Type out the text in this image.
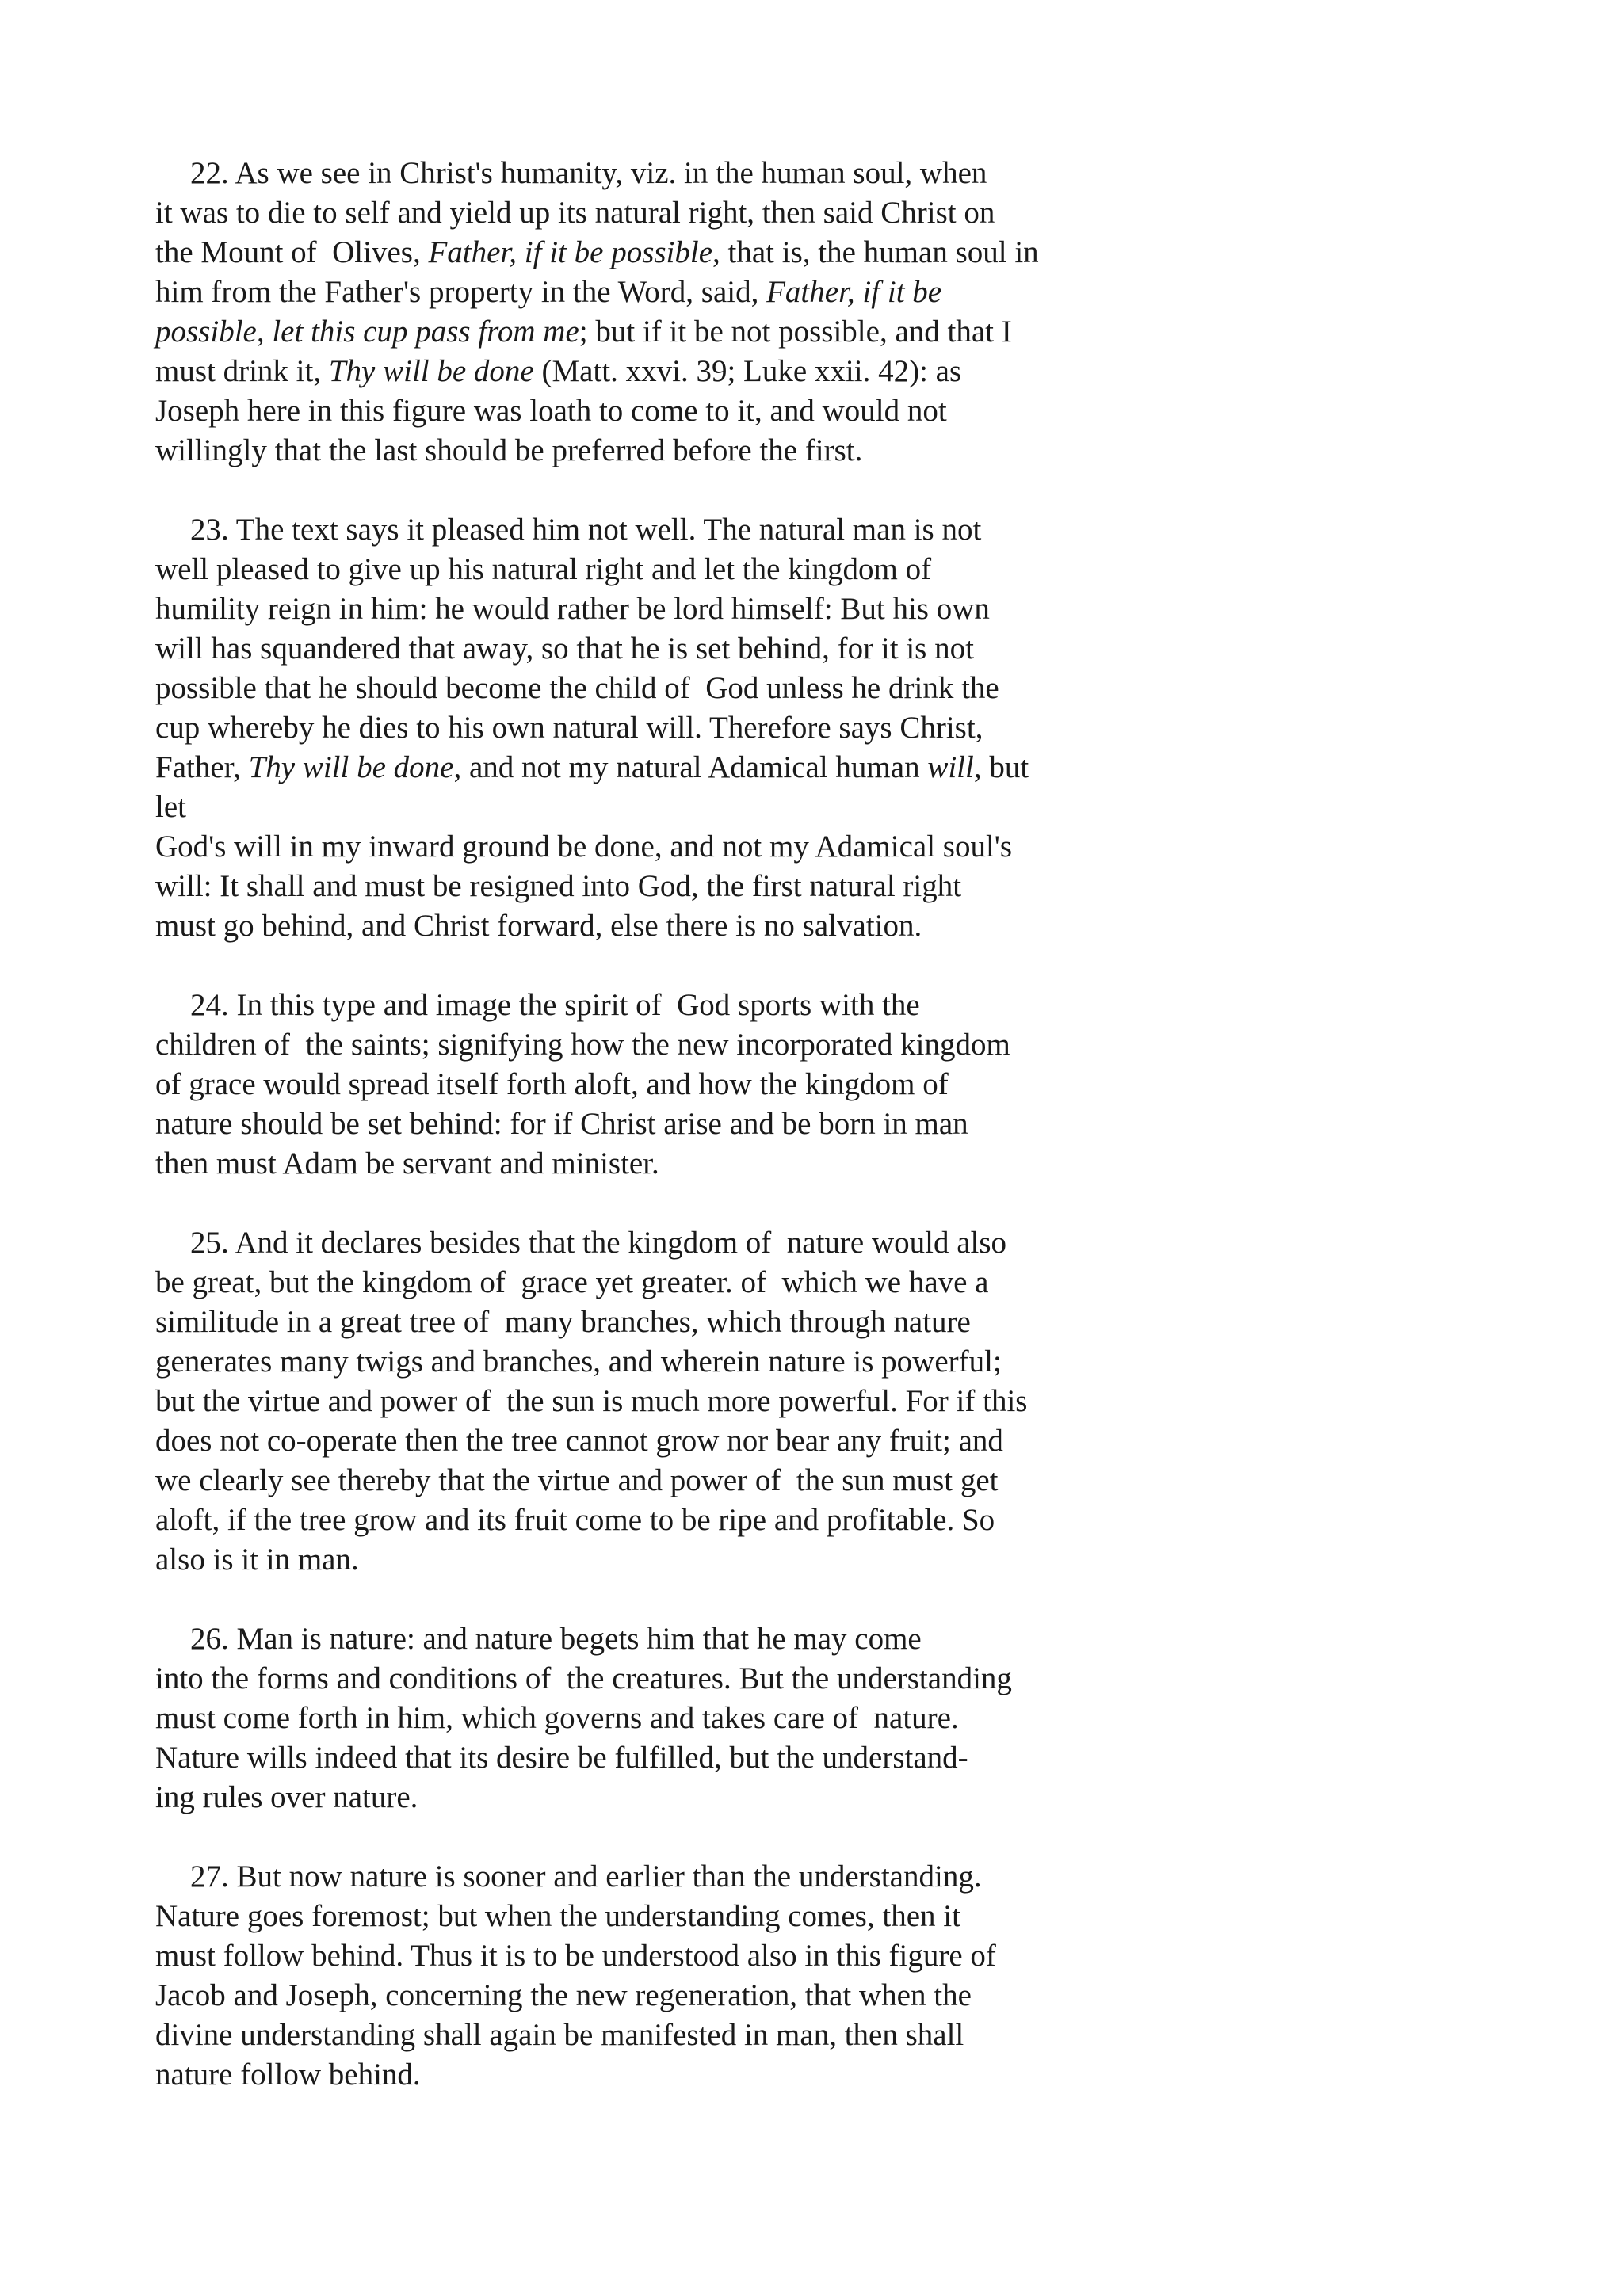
22. As we see in Christ's humanity, viz. in the human soul, when
it was to die to self and yield up its natural right, then said Christ on
the Mount of  Olives, Father, if it be possible, that is, the human soul in
him from the Father's property in the Word, said, Father, if it be
possible, let this cup pass from me; but if it be not possible, and that I
must drink it, Thy will be done (Matt. xxvi. 39; Luke xxii. 42): as
Joseph here in this figure was loath to come to it, and would not
willingly that the last should be preferred before the first.
23. The text says it pleased him not well. The natural man is not
well pleased to give up his natural right and let the kingdom of
humility reign in him: he would rather be lord himself: But his own
will has squandered that away, so that he is set behind, for it is not
possible that he should become the child of  God unless he drink the
cup whereby he dies to his own natural will. Therefore says Christ,
Father, Thy will be done, and not my natural Adamical human will, but
let
God's will in my inward ground be done, and not my Adamical soul's
will: It shall and must be resigned into God, the first natural right
must go behind, and Christ forward, else there is no salvation.
24. In this type and image the spirit of  God sports with the
children of  the saints; signifying how the new incorporated kingdom
of grace would spread itself forth aloft, and how the kingdom of
nature should be set behind: for if Christ arise and be born in man
then must Adam be servant and minister.
25. And it declares besides that the kingdom of  nature would also
be great, but the kingdom of  grace yet greater. of  which we have a
similitude in a great tree of  many branches, which through nature
generates many twigs and branches, and wherein nature is powerful;
but the virtue and power of  the sun is much more powerful. For if this
does not co-operate then the tree cannot grow nor bear any fruit; and
we clearly see thereby that the virtue and power of  the sun must get
aloft, if the tree grow and its fruit come to be ripe and profitable. So
also is it in man.
26. Man is nature: and nature begets him that he may come
into the forms and conditions of  the creatures. But the understanding
must come forth in him, which governs and takes care of  nature.
Nature wills indeed that its desire be fulfilled, but the understand-
ing rules over nature.
27. But now nature is sooner and earlier than the understanding.
Nature goes foremost; but when the understanding comes, then it
must follow behind. Thus it is to be understood also in this figure of
Jacob and Joseph, concerning the new regeneration, that when the
divine understanding shall again be manifested in man, then shall
nature follow behind.
